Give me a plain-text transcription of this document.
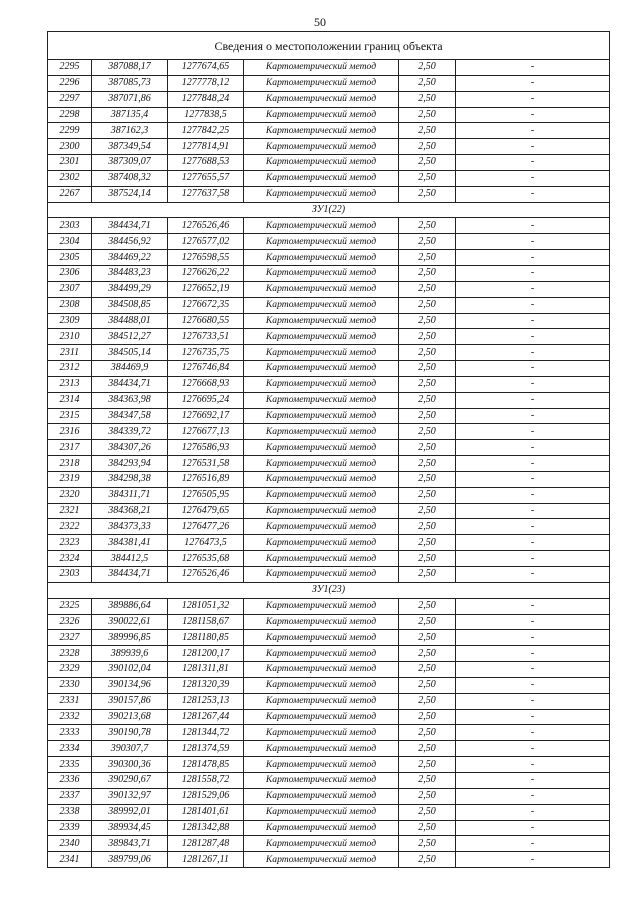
50
Сведения о местоположении границ объекта					
2295	387088,17	1277674,65	Картометрический метод	2,50	-
2296	387085,73	1277778,12	Картометрический метод	2,50	-
2297	387071,86	1277848,24	Картометрический метод	2,50	-
2298	387135,4	1277838,5	Картометрический метод	2,50	-
2299	387162,3	1277842,25	Картометрический метод	2,50	-
2300	387349,54	1277814,91	Картометрический метод	2,50	-
2301	387309,07	1277688,53	Картометрический метод	2,50	-
2302	387408,32	1277655,57	Картометрический метод	2,50	-
2267	387524,14	1277637,58	Картометрический метод	2,50	-
ЗУ1(22)					
2303	384434,71	1276526,46	Картометрический метод	2,50	-
2304	384456,92	1276577,02	Картометрический метод	2,50	-
2305	384469,22	1276598,55	Картометрический метод	2,50	-
2306	384483,23	1276626,22	Картометрический метод	2,50	-
2307	384499,29	1276652,19	Картометрический метод	2,50	-
2308	384508,85	1276672,35	Картометрический метод	2,50	-
2309	384488,01	1276680,55	Картометрический метод	2,50	-
2310	384512,27	1276733,51	Картометрический метод	2,50	-
2311	384505,14	1276735,75	Картометрический метод	2,50	-
2312	384469,9	1276746,84	Картометрический метод	2,50	-
2313	384434,71	1276668,93	Картометрический метод	2,50	-
2314	384363,98	1276695,24	Картометрический метод	2,50	-
2315	384347,58	1276692,17	Картометрический метод	2,50	-
2316	384339,72	1276677,13	Картометрический метод	2,50	-
2317	384307,26	1276586,93	Картометрический метод	2,50	-
2318	384293,94	1276531,58	Картометрический метод	2,50	-
2319	384298,38	1276516,89	Картометрический метод	2,50	-
2320	384311,71	1276505,95	Картометрический метод	2,50	-
2321	384368,21	1276479,65	Картометрический метод	2,50	-
2322	384373,33	1276477,26	Картометрический метод	2,50	-
2323	384381,41	1276473,5	Картометрический метод	2,50	-
2324	384412,5	1276535,68	Картометрический метод	2,50	-
2303	384434,71	1276526,46	Картометрический метод	2,50	-
ЗУ1(23)					
2325	389886,64	1281051,32	Картометрический метод	2,50	-
2326	390022,61	1281158,67	Картометрический метод	2,50	-
2327	389996,85	1281180,85	Картометрический метод	2,50	-
2328	389939,6	1281200,17	Картометрический метод	2,50	-
2329	390102,04	1281311,81	Картометрический метод	2,50	-
2330	390134,96	1281320,39	Картометрический метод	2,50	-
2331	390157,86	1281253,13	Картометрический метод	2,50	-
2332	390213,68	1281267,44	Картометрический метод	2,50	-
2333	390190,78	1281344,72	Картометрический метод	2,50	-
2334	390307,7	1281374,59	Картометрический метод	2,50	-
2335	390300,36	1281478,85	Картометрический метод	2,50	-
2336	390290,67	1281558,72	Картометрический метод	2,50	-
2337	390132,97	1281529,06	Картометрический метод	2,50	-
2338	389992,01	1281401,61	Картометрический метод	2,50	-
2339	389934,45	1281342,88	Картометрический метод	2,50	-
2340	389843,71	1281287,48	Картометрический метод	2,50	-
2341	389799,06	1281267,11	Картометрический метод	2,50	-
